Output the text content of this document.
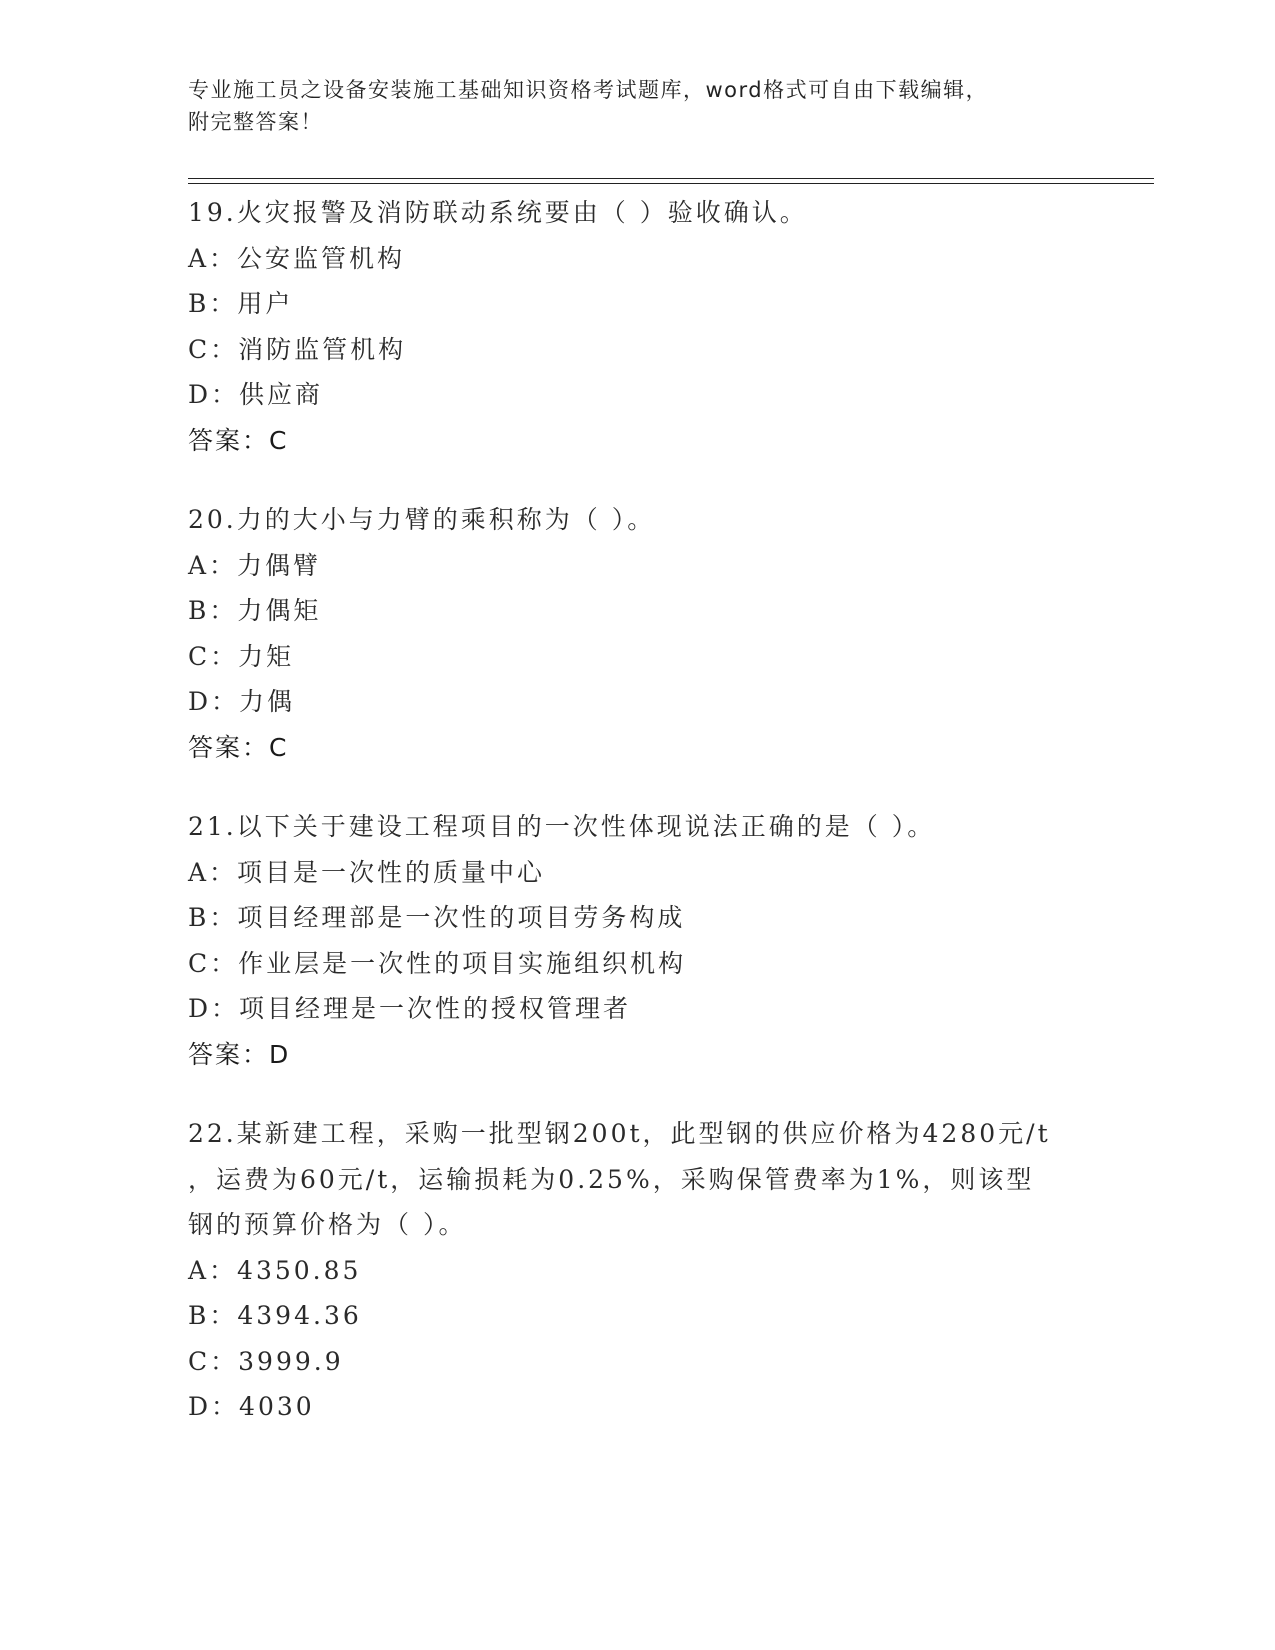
专业施工员之设备安装施工基础知识资格考试题库，word格式可自由下载编辑，
附完整答案！
19.火灾报警及消防联动系统要由（ ）验收确认。
A：公安监管机构
B：用户
C：消防监管机构
D：供应商
答案：C
20.力的大小与力臂的乘积称为（ ）。
A：力偶臂
B：力偶矩
C：力矩
D：力偶
答案：C
21.以下关于建设工程项目的一次性体现说法正确的是（ ）。
A：项目是一次性的质量中心
B：项目经理部是一次性的项目劳务构成
C：作业层是一次性的项目实施组织机构
D：项目经理是一次性的授权管理者
答案：D
22.某新建工程，采购一批型钢200t，此型钢的供应价格为4280元/t
，运费为60元/t，运输损耗为0.25%，采购保管费率为1%，则该型
钢的预算价格为（ ）。
A：4350.85
B：4394.36
C：3999.9
D：4030
